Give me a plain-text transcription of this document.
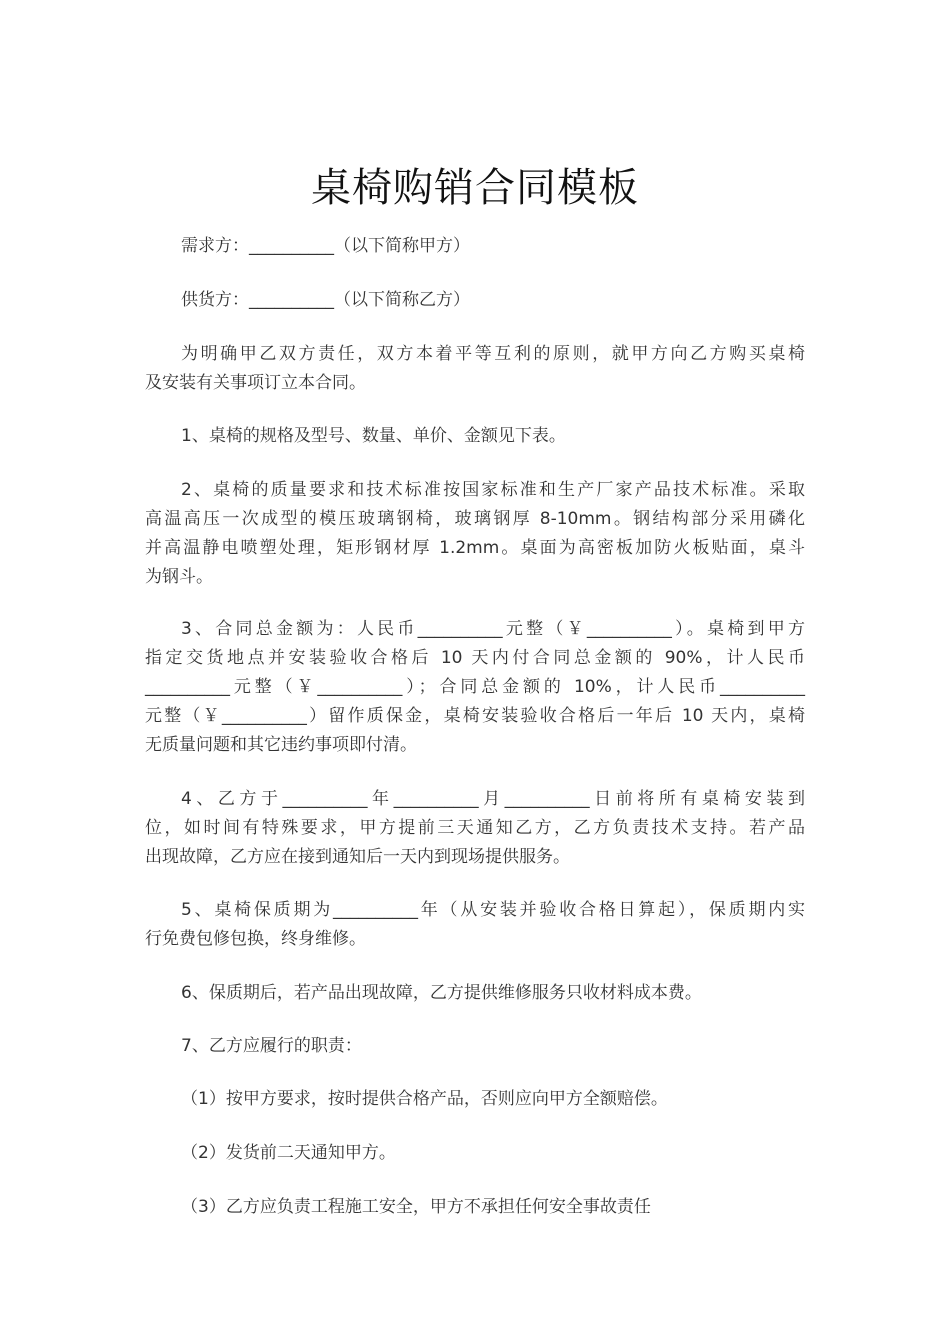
桌椅购销合同模板
需求方：__________（以下简称甲方）
供货方：__________（以下简称乙方）
为明确甲乙双方责任，双方本着平等互利的原则，就甲方向乙方购买桌椅
及安装有关事项订立本合同。
1、桌椅的规格及型号、数量、单价、金额见下表。
2、桌椅的质量要求和技术标准按国家标准和生产厂家产品技术标准。采取
高温高压一次成型的模压玻璃钢椅，玻璃钢厚 8-10mm。钢结构部分采用磷化
并高温静电喷塑处理，矩形钢材厚 1.2mm。桌面为高密板加防火板贴面，桌斗
为钢斗。
3、合同总金额为：人民币__________元整（￥__________）。桌椅到甲方
指定交货地点并安装验收合格后 10 天内付合同总金额的 90%，计人民币
__________元整（￥__________）；合同总金额的 10%，计人民币__________
元整（￥__________）留作质保金，桌椅安装验收合格后一年后 10 天内，桌椅
无质量问题和其它违约事项即付清。
4、乙方于__________年__________月__________日前将所有桌椅安装到
位，如时间有特殊要求，甲方提前三天通知乙方，乙方负责技术支持。若产品
出现故障，乙方应在接到通知后一天内到现场提供服务。
5、桌椅保质期为__________年（从安装并验收合格日算起），保质期内实
行免费包修包换，终身维修。
6、保质期后，若产品出现故障，乙方提供维修服务只收材料成本费。
7、乙方应履行的职责：
（1）按甲方要求，按时提供合格产品，否则应向甲方全额赔偿。
（2）发货前二天通知甲方。
（3）乙方应负责工程施工安全，甲方不承担任何安全事故责任
